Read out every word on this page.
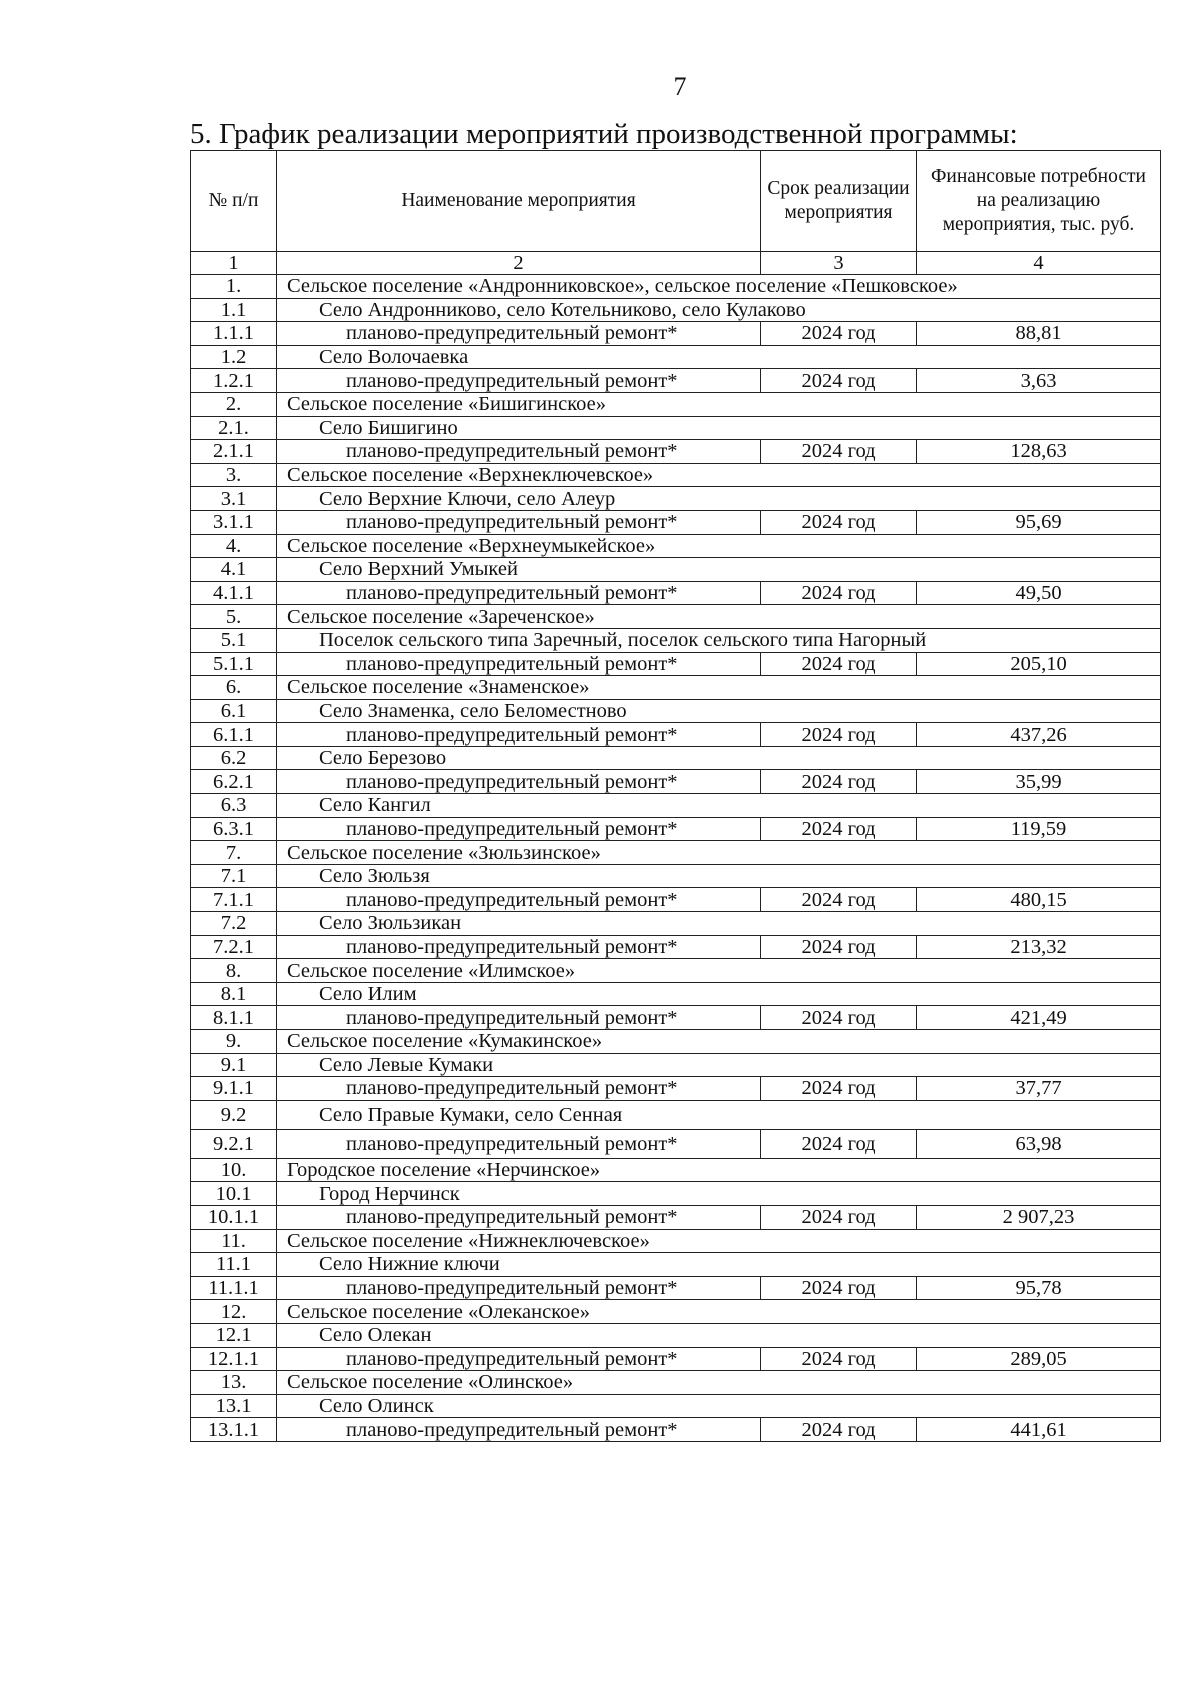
7
5. График реализации мероприятий производственной программы:
№ п/п	Наименование мероприятия	Срок реализации мероприятия	Финансовые потребности на реализацию мероприятия, тыс. руб.
1	2	3	4
1.	Сельское поселение «Андронниковское», сельское поселение «Пешковское»		
1.1	Село Андронниково, село Котельниково, село Кулаково		
1.1.1	планово-предупредительный ремонт*	2024 год	88,81
1.2	Село Волочаевка		
1.2.1	планово-предупредительный ремонт*	2024 год	3,63
2.	Сельское поселение «Бишигинское»		
2.1.	Село Бишигино		
2.1.1	планово-предупредительный ремонт*	2024 год	128,63
3.	Сельское поселение «Верхнеключевское»		
3.1	Село Верхние Ключи, село Алеур		
3.1.1	планово-предупредительный ремонт*	2024 год	95,69
4.	Сельское поселение «Верхнеумыкейское»		
4.1	Село Верхний Умыкей		
4.1.1	планово-предупредительный ремонт*	2024 год	49,50
5.	Сельское поселение «Зареченское»		
5.1	Поселок сельского типа Заречный, поселок сельского типа Нагорный		
5.1.1	планово-предупредительный ремонт*	2024 год	205,10
6.	Сельское поселение «Знаменское»		
6.1	Село Знаменка, село Беломестново		
6.1.1	планово-предупредительный ремонт*	2024 год	437,26
6.2	Село Березово		
6.2.1	планово-предупредительный ремонт*	2024 год	35,99
6.3	Село Кангил		
6.3.1	планово-предупредительный ремонт*	2024 год	119,59
7.	Сельское поселение «Зюльзинское»		
7.1	Село Зюльзя		
7.1.1	планово-предупредительный ремонт*	2024 год	480,15
7.2	Село Зюльзикан		
7.2.1	планово-предупредительный ремонт*	2024 год	213,32
8.	Сельское поселение «Илимское»		
8.1	Село Илим		
8.1.1	планово-предупредительный ремонт*	2024 год	421,49
9.	Сельское поселение «Кумакинское»		
9.1	Село Левые Кумаки		
9.1.1	планово-предупредительный ремонт*	2024 год	37,77
9.2	Село Правые Кумаки, село Сенная		
9.2.1	планово-предупредительный ремонт*	2024 год	63,98
10.	Городское поселение «Нерчинское»		
10.1	Город Нерчинск		
10.1.1	планово-предупредительный ремонт*	2024 год	2 907,23
11.	Сельское поселение «Нижнеключевское»		
11.1	Село Нижние ключи		
11.1.1	планово-предупредительный ремонт*	2024 год	95,78
12.	Сельское поселение «Олеканское»		
12.1	Село Олекан		
12.1.1	планово-предупредительный ремонт*	2024 год	289,05
13.	Сельское поселение «Олинское»		
13.1	Село Олинск		
13.1.1	планово-предупредительный ремонт*	2024 год	441,61
